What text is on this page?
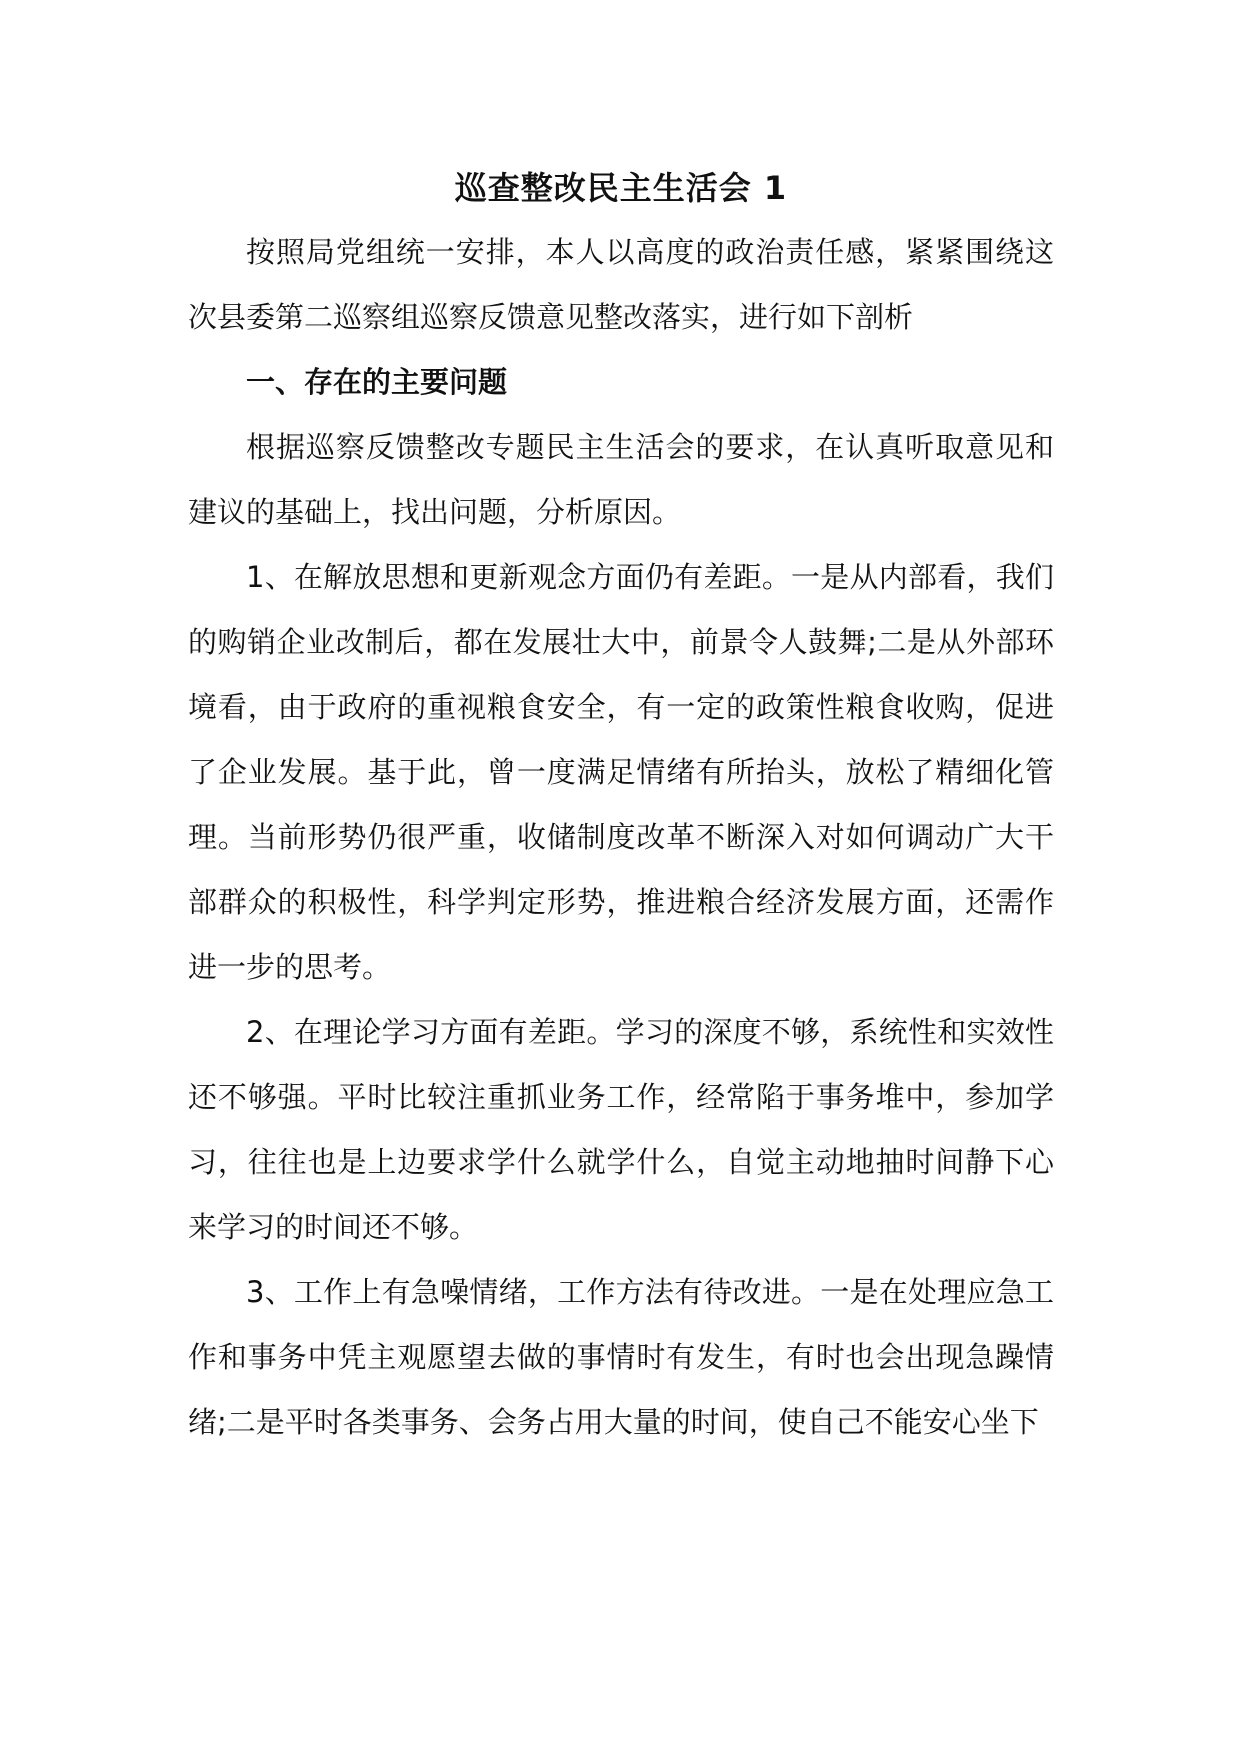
巡查整改民主生活会 1

按照局党组统一安排，本人以高度的政治责任感，紧紧围绕这次县委第二巡察组巡察反馈意见整改落实，进行如下剖析

一、存在的主要问题

根据巡察反馈整改专题民主生活会的要求，在认真听取意见和建议的基础上，找出问题，分析原因。

1、在解放思想和更新观念方面仍有差距。一是从内部看，我们的购销企业改制后，都在发展壮大中，前景令人鼓舞;二是从外部环境看，由于政府的重视粮食安全，有一定的政策性粮食收购，促进了企业发展。基于此，曾一度满足情绪有所抬头，放松了精细化管理。当前形势仍很严重，收储制度改革不断深入对如何调动广大干部群众的积极性，科学判定形势，推进粮合经济发展方面，还需作进一步的思考。

2、在理论学习方面有差距。学习的深度不够，系统性和实效性还不够强。平时比较注重抓业务工作，经常陷于事务堆中，参加学习，往往也是上边要求学什么就学什么，自觉主动地抽时间静下心来学习的时间还不够。

3、工作上有急噪情绪，工作方法有待改进。一是在处理应急工作和事务中凭主观愿望去做的事情时有发生，有时也会出现急躁情绪;二是平时各类事务、会务占用大量的时间，使自己不能安心坐下
